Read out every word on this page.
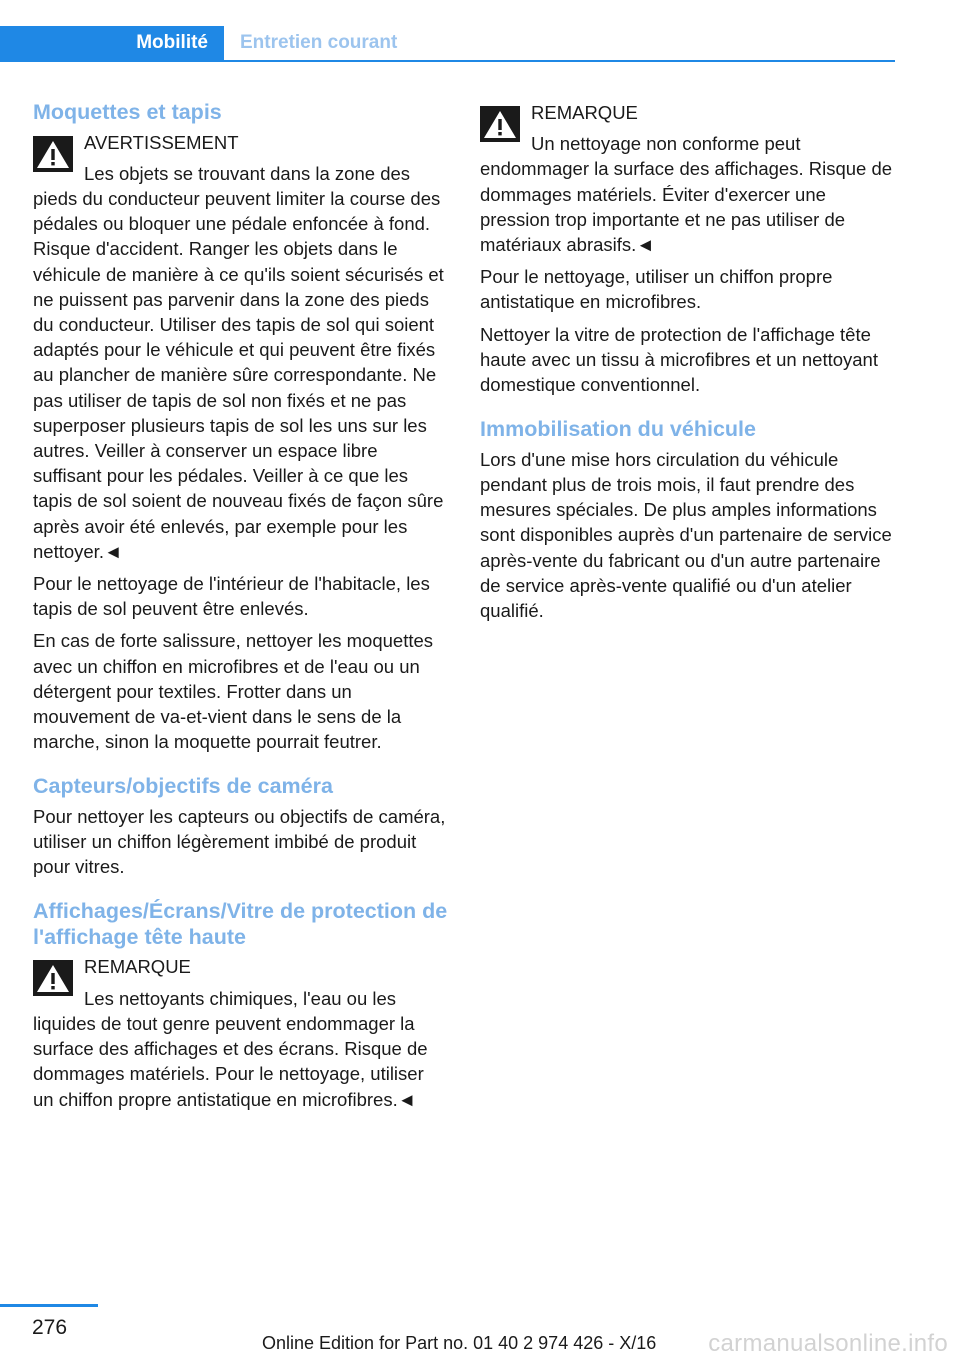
Mobilité Entretien courant
Moquettes et tapis
AVERTISSEMENT

Les objets se trouvant dans la zone des pieds du conducteur peuvent limiter la course des pédales ou bloquer une pédale enfoncée à fond. Risque d'accident. Ranger les objets dans le véhicule de manière à ce qu'ils soient sécurisés et ne puissent pas parvenir dans la zone des pieds du conducteur. Utiliser des tapis de sol qui soient adaptés pour le véhicule et qui peuvent être fixés au plancher de manière sûre correspondante. Ne pas utiliser de tapis de sol non fixés et ne pas superposer plusieurs tapis de sol les uns sur les autres. Veiller à conserver un espace libre suffisant pour les pédales. Veiller à ce que les tapis de sol soient de nouveau fixés de façon sûre après avoir été enlevés, par exemple pour les nettoyer.◄

Pour le nettoyage de l'intérieur de l'habitacle, les tapis de sol peuvent être enlevés.

En cas de forte salissure, nettoyer les moquettes avec un chiffon en microfibres et de l'eau ou un détergent pour textiles. Frotter dans un mouvement de va-et-vient dans le sens de la marche, sinon la moquette pourrait feutrer.

Capteurs/objectifs de caméra

Pour nettoyer les capteurs ou objectifs de caméra, utiliser un chiffon légèrement imbibé de produit pour vitres.

Affichages/Écrans/Vitre de protection de l'affichage tête haute
REMARQUE

Les nettoyants chimiques, l'eau ou les liquides de tout genre peuvent endommager la surface des affichages et des écrans. Risque de dommages matériels. Pour le nettoyage, utiliser un chiffon propre antistatique en microfibres.◄

REMARQUE

Un nettoyage non conforme peut endommager la surface des affichages. Risque de dommages matériels. Éviter d'exercer une pression trop importante et ne pas utiliser de matériaux abrasifs.◄

Pour le nettoyage, utiliser un chiffon propre antistatique en microfibres.

Nettoyer la vitre de protection de l'affichage tête haute avec un tissu à microfibres et un nettoyant domestique conventionnel.

Immobilisation du véhicule

Lors d'une mise hors circulation du véhicule pendant plus de trois mois, il faut prendre des mesures spéciales. De plus amples informations sont disponibles auprès d'un partenaire de service après-vente du fabricant ou d'un autre partenaire de service après-vente qualifié ou d'un atelier qualifié.

276
Online Edition for Part no. 01 40 2 974 426 - X/16 carmanualsonline.info
